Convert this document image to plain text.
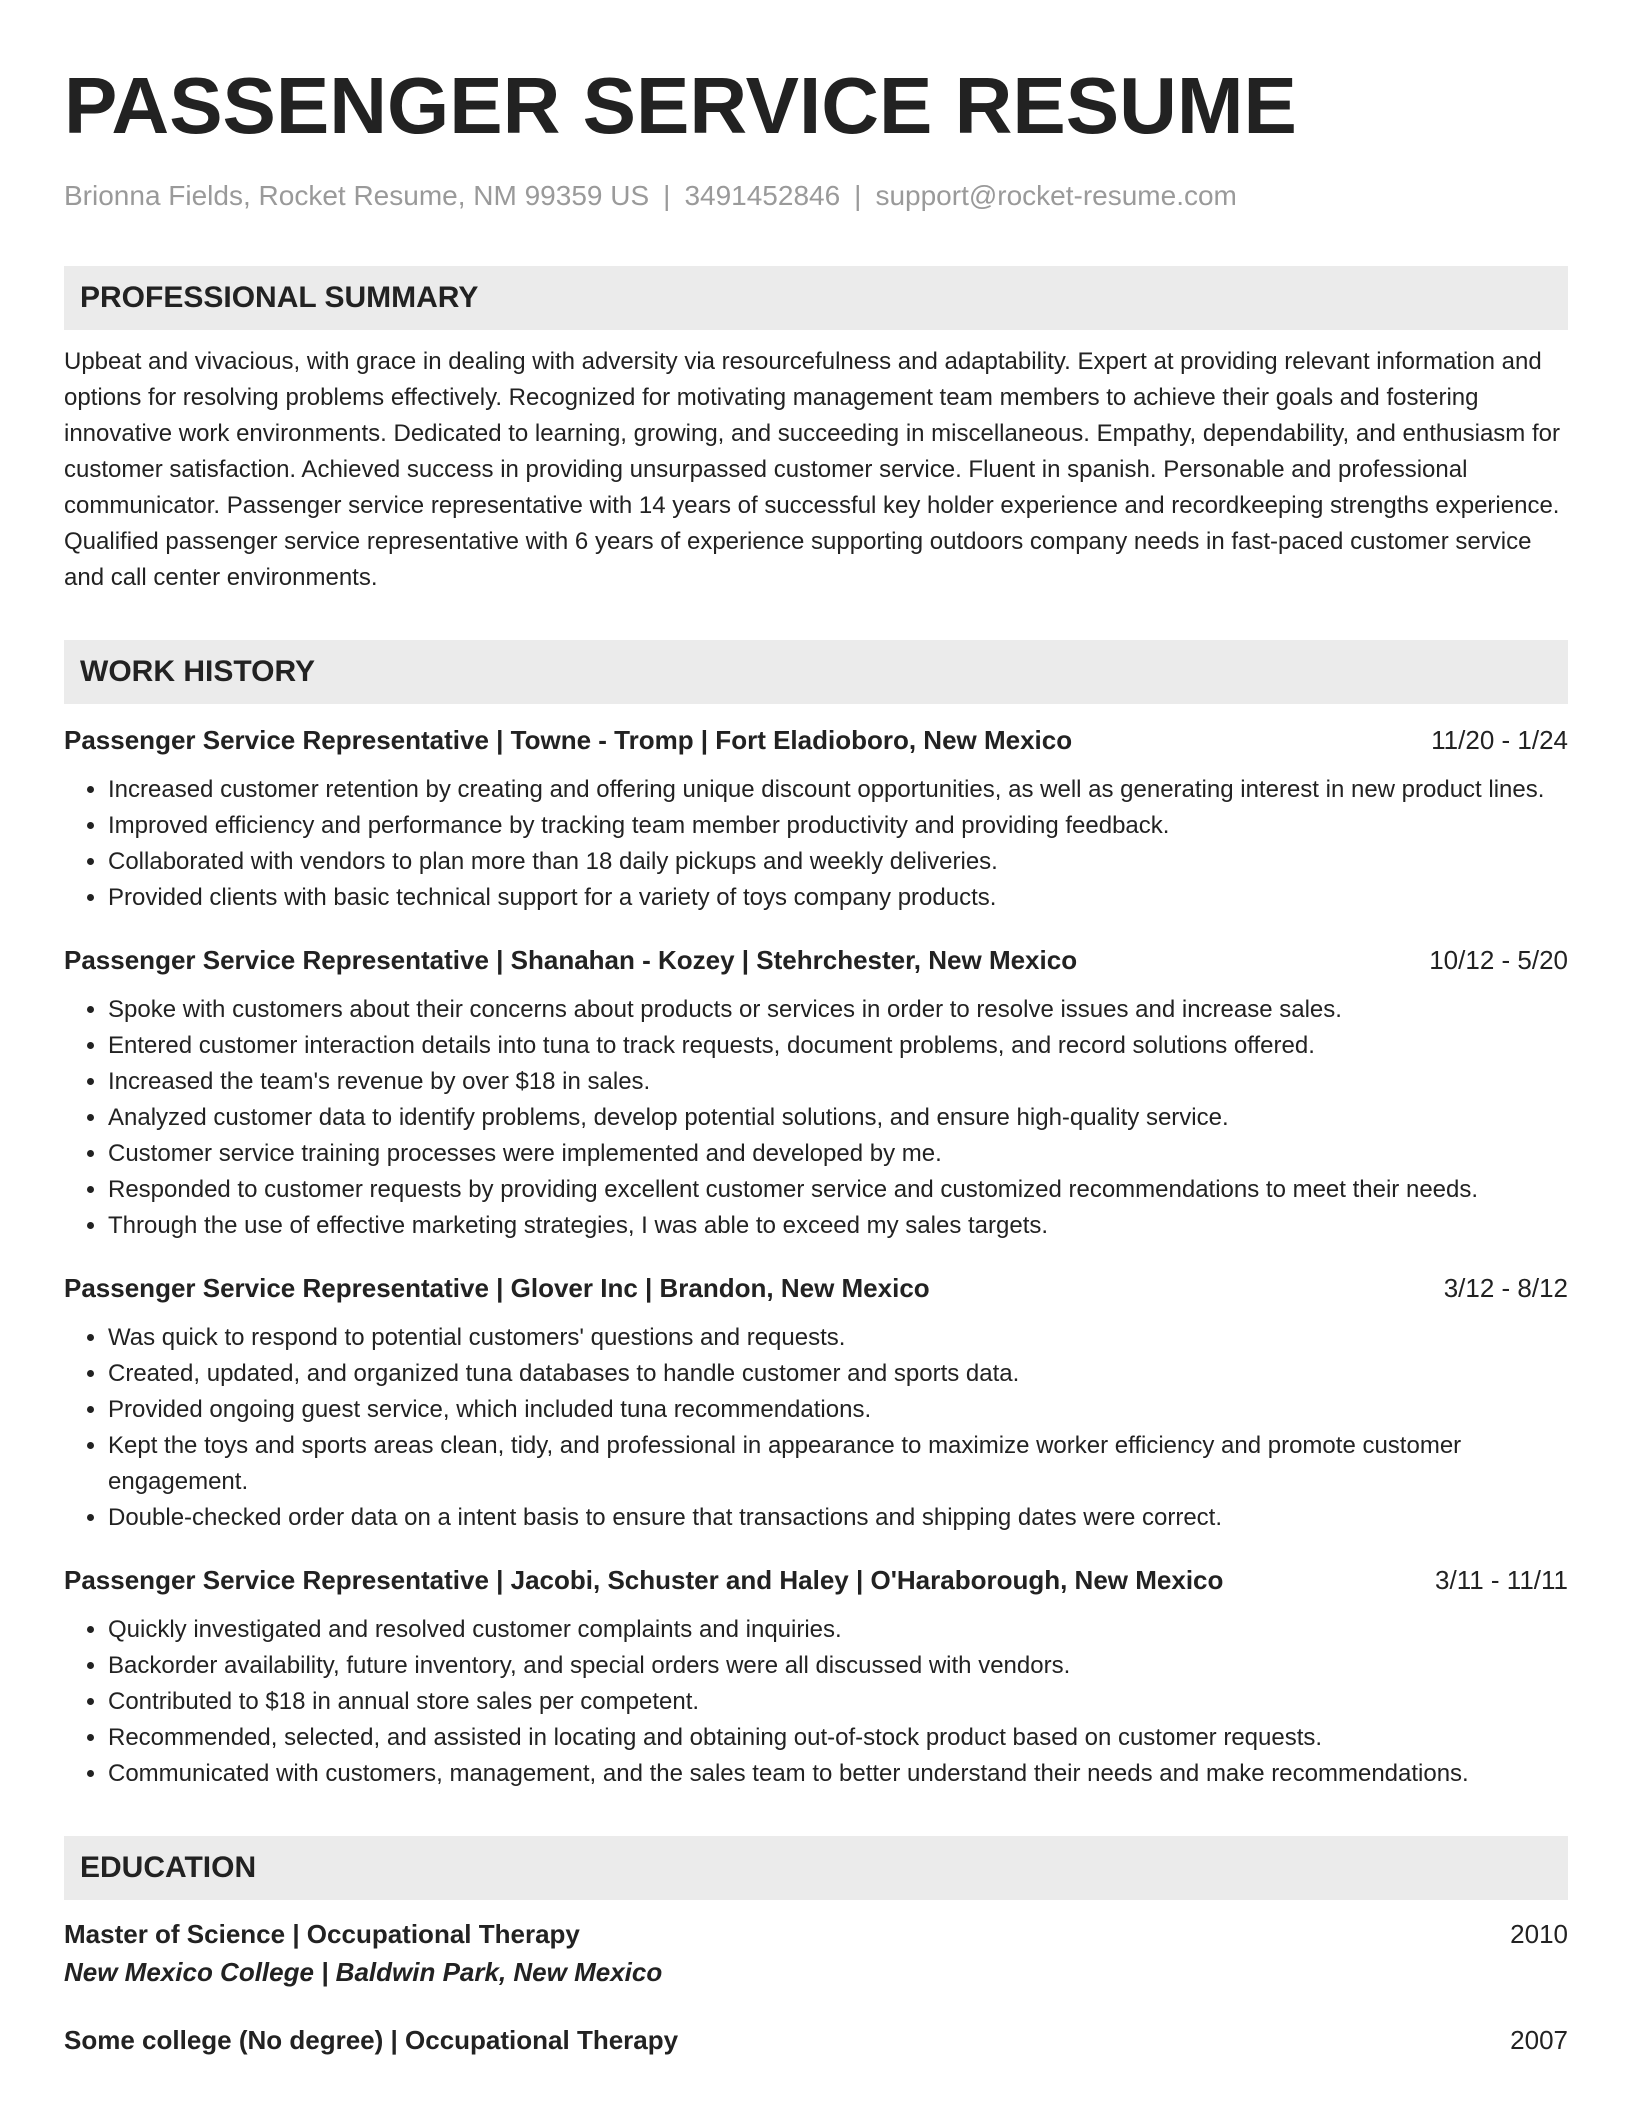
PASSENGER SERVICE RESUME
Brionna Fields, Rocket Resume, NM 99359 US | 3491452846 | support@rocket-resume.com
PROFESSIONAL SUMMARY
Upbeat and vivacious, with grace in dealing with adversity via resourcefulness and adaptability. Expert at providing relevant information and options for resolving problems effectively. Recognized for motivating management team members to achieve their goals and fostering innovative work environments. Dedicated to learning, growing, and succeeding in miscellaneous. Empathy, dependability, and enthusiasm for customer satisfaction. Achieved success in providing unsurpassed customer service. Fluent in spanish. Personable and professional communicator. Passenger service representative with 14 years of successful key holder experience and recordkeeping strengths experience. Qualified passenger service representative with 6 years of experience supporting outdoors company needs in fast-paced customer service and call center environments.
WORK HISTORY
Passenger Service Representative | Towne - Tromp | Fort Eladioboro, New Mexico	11/20 - 1/24
• Increased customer retention by creating and offering unique discount opportunities, as well as generating interest in new product lines.
• Improved efficiency and performance by tracking team member productivity and providing feedback.
• Collaborated with vendors to plan more than 18 daily pickups and weekly deliveries.
• Provided clients with basic technical support for a variety of toys company products.
Passenger Service Representative | Shanahan - Kozey | Stehrchester, New Mexico	10/12 - 5/20
• Spoke with customers about their concerns about products or services in order to resolve issues and increase sales.
• Entered customer interaction details into tuna to track requests, document problems, and record solutions offered.
• Increased the team's revenue by over $18 in sales.
• Analyzed customer data to identify problems, develop potential solutions, and ensure high-quality service.
• Customer service training processes were implemented and developed by me.
• Responded to customer requests by providing excellent customer service and customized recommendations to meet their needs.
• Through the use of effective marketing strategies, I was able to exceed my sales targets.
Passenger Service Representative | Glover Inc | Brandon, New Mexico	3/12 - 8/12
• Was quick to respond to potential customers' questions and requests.
• Created, updated, and organized tuna databases to handle customer and sports data.
• Provided ongoing guest service, which included tuna recommendations.
• Kept the toys and sports areas clean, tidy, and professional in appearance to maximize worker efficiency and promote customer engagement.
• Double-checked order data on a intent basis to ensure that transactions and shipping dates were correct.
Passenger Service Representative | Jacobi, Schuster and Haley | O'Haraborough, New Mexico	3/11 - 11/11
• Quickly investigated and resolved customer complaints and inquiries.
• Backorder availability, future inventory, and special orders were all discussed with vendors.
• Contributed to $18 in annual store sales per competent.
• Recommended, selected, and assisted in locating and obtaining out-of-stock product based on customer requests.
• Communicated with customers, management, and the sales team to better understand their needs and make recommendations.
EDUCATION
Master of Science | Occupational Therapy	2010
New Mexico College | Baldwin Park, New Mexico
Some college (No degree) | Occupational Therapy	2007
